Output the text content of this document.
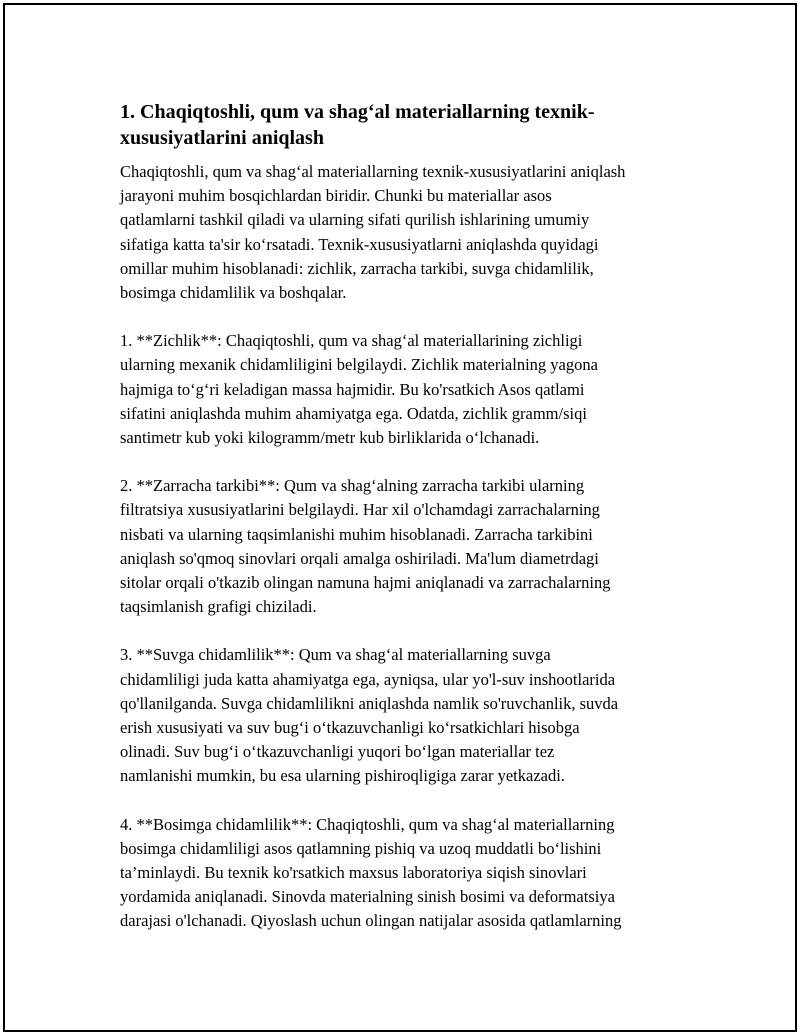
1. Chaqiqtoshli, qum va shag‘al materiallarning texnik-
xususiyatlarini aniqlash
Chaqiqtoshli, qum va shag‘al materiallarning texnik-xususiyatlarini aniqlash
jarayoni muhim bosqichlardan biridir. Chunki bu materiallar asos
qatlamlarni tashkil qiladi va ularning sifati qurilish ishlarining umumiy
sifatiga katta ta'sir ko‘rsatadi. Texnik-xususiyatlarni aniqlashda quyidagi
omillar muhim hisoblanadi: zichlik, zarracha tarkibi, suvga chidamlilik,
bosimga chidamlilik va boshqalar.
1. **Zichlik**: Chaqiqtoshli, qum va shag‘al materiallarining zichligi
ularning mexanik chidamliligini belgilaydi. Zichlik materialning yagona
hajmiga to‘g‘ri keladigan massa hajmidir. Bu ko'rsatkich Asos qatlami
sifatini aniqlashda muhim ahamiyatga ega. Odatda, zichlik gramm/siqi
santimetr kub yoki kilogramm/metr kub birliklarida o‘lchanadi.
2. **Zarracha tarkibi**: Qum va shag‘alning zarracha tarkibi ularning
filtratsiya xususiyatlarini belgilaydi. Har xil o'lchamdagi zarrachalarning
nisbati va ularning taqsimlanishi muhim hisoblanadi. Zarracha tarkibini
aniqlash so'qmoq sinovlari orqali amalga oshiriladi. Ma'lum diametrdagi
sitolar orqali o'tkazib olingan namuna hajmi aniqlanadi va zarrachalarning
taqsimlanish grafigi chiziladi.
3. **Suvga chidamlilik**: Qum va shag‘al materiallarning suvga
chidamliligi juda katta ahamiyatga ega, ayniqsa, ular yo'l-suv inshootlarida
qo'llanilganda. Suvga chidamlilikni aniqlashda namlik so'ruvchanlik, suvda
erish xususiyati va suv bug‘i o‘tkazuvchanligi ko‘rsatkichlari hisobga
olinadi. Suv bug‘i o‘tkazuvchanligi yuqori bo‘lgan materiallar tez
namlanishi mumkin, bu esa ularning pishiroqligiga zarar yetkazadi.
4. **Bosimga chidamlilik**: Chaqiqtoshli, qum va shag‘al materiallarning
bosimga chidamliligi asos qatlamning pishiq va uzoq muddatli bo‘lishini
ta’minlaydi. Bu texnik ko'rsatkich maxsus laboratoriya siqish sinovlari
yordamida aniqlanadi. Sinovda materialning sinish bosimi va deformatsiya
darajasi o'lchanadi. Qiyoslash uchun olingan natijalar asosida qatlamlarning
